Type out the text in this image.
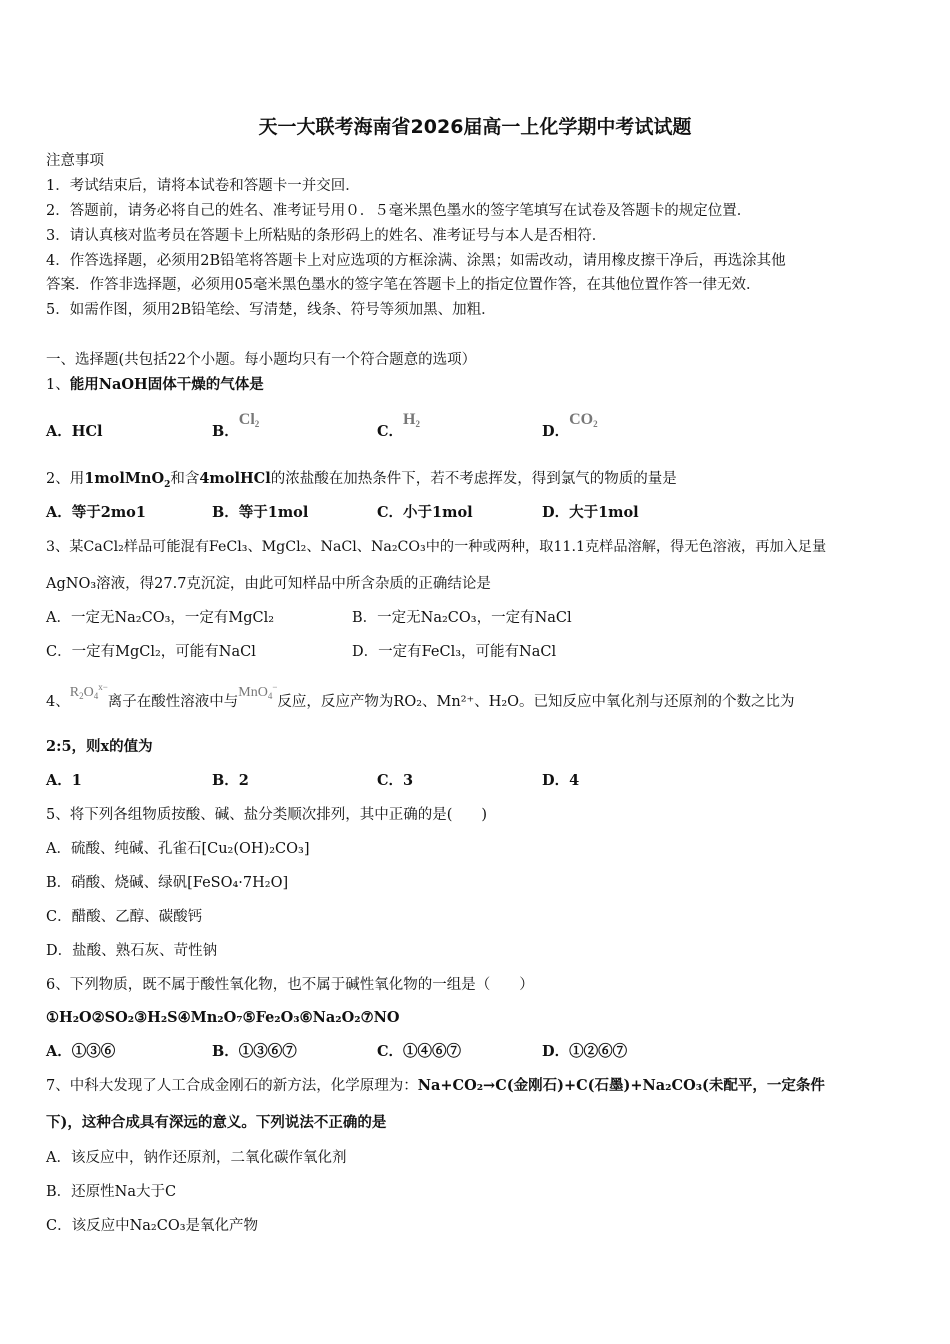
天一大联考海南省2026届高一上化学期中考试试题
注意事项
1．考试结束后，请将本试卷和答题卡一并交回．
2．答题前，请务必将自己的姓名、准考证号用０．５毫米黑色墨水的签字笔填写在试卷及答题卡的规定位置．
3．请认真核对监考员在答题卡上所粘贴的条形码上的姓名、准考证号与本人是否相符．
4．作答选择题，必须用2B铅笔将答题卡上对应选项的方框涂满、涂黑；如需改动，请用橡皮擦干净后，再选涂其他
答案．作答非选择题，必须用05毫米黑色墨水的签字笔在答题卡上的指定位置作答，在其他位置作答一律无效．
5．如需作图，须用2B铅笔绘、写清楚，线条、符号等须加黑、加粗．
一、选择题(共包括22个小题。每小题均只有一个符合题意的选项）
1、能用NaOH固体干燥的气体是
A．HCl	B．$Cl_2$	C．$H_2$	D．$CO_2$
2、用1molMnO$_2$和含4molHCl的浓盐酸在加热条件下，若不考虑挥发，得到氯气的物质的量是
A．等于2mo1	B．等于1mol	C．小于1mol	D．大于1mol
3、某CaCl₂样品可能混有FeCl₃、MgCl₂、NaCl、Na₂CO₃中的一种或两种，取11.1克样品溶解，得无色溶液，再加入足量
AgNO₃溶液，得27.7克沉淀，由此可知样品中所含杂质的正确结论是
A．一定无Na₂CO₃，一定有MgCl₂	B．一定无Na₂CO₃，一定有NaCl
C．一定有MgCl₂，可能有NaCl	D．一定有FeCl₃，可能有NaCl
4、$R_2O_4^{x-}$离子在酸性溶液中与MnO$_4$−反应，反应产物为RO₂、Mn²⁺、H₂O。已知反应中氧化剂与还原剂的个数之比为
2:5，则x的值为
A．1	B．2	C．3	D．4
5、将下列各组物质按酸、碱、盐分类顺次排列，其中正确的是(　　)
A．硫酸、纯碱、孔雀石[Cu₂(OH)₂CO₃]
B．硝酸、烧碱、绿矾[FeSO₄·7H₂O]
C．醋酸、乙醇、碳酸钙
D．盐酸、熟石灰、苛性钠
6、下列物质，既不属于酸性氧化物，也不属于碱性氧化物的一组是（　　）
①H₂O②SO₂③H₂S④Mn₂O₇⑤Fe₂O₃⑥Na₂O₂⑦NO
A．①③⑥	B．①③⑥⑦	C．①④⑥⑦	D．①②⑥⑦
7、中科大发现了人工合成金刚石的新方法，化学原理为：Na+CO₂→C(金刚石)+C(石墨)+Na₂CO₃(未配平，一定条件
下)，这种合成具有深远的意义。下列说法不正确的是
A．该反应中，钠作还原剂，二氧化碳作氧化剂
B．还原性Na大于C
C．该反应中Na₂CO₃是氧化产物
